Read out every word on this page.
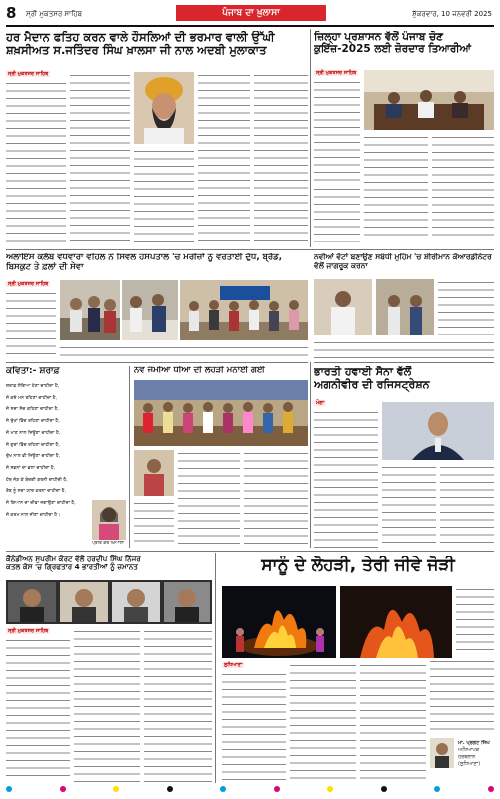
8 ਸ੍ਰੀ ਮੁਕਤਸਰ ਸਾਹਿਬ	ਪੰਜਾਬ ਦਾ ਖ਼ੁਲਾਸਾ	ਸ਼ੁੱਕਰਵਾਰ, 10 ਜਨਵਰੀ 2025
ਹਰ ਮੈਦਾਨ ਫਤਿਹ ਕਰਨ ਵਾਲੇ ਹੌਸਲਿਆਂ ਦੀ ਭਰਮਾਰ ਵਾਲੀ ਉੱਘੀ
ਸ਼ਖ਼ਸੀਅਤ ਸ.ਜਤਿੰਦਰ ਸਿੰਘ ਖ਼ਾਲਸਾ ਜੀ ਨਾਲ ਅਦਬੀ ਮੁਲਾਕਾਤ
ਜ਼ਿਲ੍ਹਾ ਪ੍ਰਸ਼ਾਸਨ ਵੱਲੋਂ ਪੰਜਾਬ ਚੋਣ ਕੁਇੱਜ਼-2025 ਲਈ ਜ਼ੋਰਦਾਰ ਤਿਆਰੀਆਂ
ਸ੍ਰੀ ਮੁਕਤਸਰ ਸਾਹਿਬ	ਸ੍ਰੀ ਮੁਕਤਸਰ ਸਾਹਿਬ
ਅਲਾਇੰਸ ਕਲੱਬ ਵਧਵਾਰਾ ਵਹਿਲ ਨੇ ਸਿਵਲ ਹਸਪਤਾਲ 'ਚ ਮਰੀਜ਼ਾਂ ਨੂੰ ਵਰਤਾਈ ਦੁੱਧ, ਬ੍ਰੈਡ, ਬਿਸਕੁਟ ਤੇ ਫ਼ਲਾਂ ਦੀ ਸੇਵਾ
ਸ੍ਰੀ ਮੁਕਤਸਰ ਸਾਹਿਬ
ਨਵੀਆਂ ਵੋਟਾਂ ਬਣਾਉਣ ਸਬੰਧੀ ਮੁਹਿੰਮ 'ਚ ਸ਼ੀਰੀਮਾਨ ਕੋਆਰਡੀਨੇਟਰ ਵੱਲੋਂ ਜਾਗਰੂਕ ਕਰਨਾ
ਕਵਿਤਾ:- ਸ਼ਰਾਫ਼
ਸ਼ਰਾਫ਼ ਲੱਗਿਆ ਹੋਣਾ ਚਾਹੀਦਾ ਹੈ,
ਜੋ ਕਦੇ ਮਨ ਰਹਿਣਾ ਚਾਹੀਦਾ ਹੈ,
ਜੋ ਸਦਾ ਸੱਚ ਕਹਿਣਾ ਚਾਹੀਦਾ ਹੈ,
ਜੋ ਦੁੱਖਾਂ ਵਿੱਚ ਰਹਿਣਾ ਚਾਹੀਦਾ ਹੈ,
ਜੋ ਮਾਣ ਨਾਲ ਜਿਊਣਾ ਚਾਹੀਦਾ ਹੈ,
ਜੋ ਗੁਰਾਂ ਵਿੱਚ ਰਹਿਣਾ ਚਾਹੀਦਾ ਹੈ,
ਦੁੱਖ ਨਾਲ ਵੀ ਜਿਊਣਾ ਚਾਹੀਦਾ ਹੈ,
ਜੋ ਸਭਨਾਂ ਦਾ ਭਲਾ ਚਾਹੀਦਾ ਹੈ,
ਹੱਥ ਜੋੜ ਕੇ ਬੰਦਗੀ ਕਰਨੀ ਚਾਹੀਦੀ ਹੈ,
ਰੱਬ ਨੂੰ ਸਦਾ ਯਾਦ ਕਰਨਾ ਚਾਹੀਦਾ ਹੈ,
ਜੋ ਗਿਆਨ ਦਾ ਦੀਵਾ ਜਗਾਉਣਾ ਚਾਹੀਦਾ ਹੈ,
ਜੋ ਕਰਮ ਨਾਲ ਜੀਣਾ ਚਾਹੀਦਾ ਹੈ।
ਪ੍ਰੀਤ ਕੌਰ ਖ਼ਿਆਲਾ
ਨਵ ਜੰਮੀਆ ਧੀਆ ਦੀ ਲੋਹੜੀ ਮਨਾਈ ਗਈ	ਭਾਰਤੀ ਹਵਾਈ ਸੈਨਾ ਵੱਲੋਂ
ਅਗਨੀਵੀਰ ਦੀ ਰਜਿਸਟ੍ਰੇਸ਼ਨ
ਮੋਗਾ
ਕੈਨੇਡੀਅਨ ਸੁਪਰੀਮ ਕੋਰਟ ਵੱਲੋਂ ਹਰਦੀਪ ਸਿੰਘ ਨਿੱਜਰ
ਕਤਲ ਕੇਸ 'ਚ ਗ੍ਰਿਫਤਾਰ 4 ਭਾਰਤੀਆਂ ਨੂੰ ਜ਼ਮਾਨਤ
ਸ੍ਰੀ ਮੁਕਤਸਰ ਸਾਹਿਬ
ਸਾਨੂੰ ਦੇ ਲੋਹੜੀ, ਤੇਰੀ ਜੀਵੇ ਜੋੜੀ
ਲੁਧਿਆਣਾ
ਮਾ. ਪ੍ਰਗਟ ਸਿੰਘ
ਅਧਿਆਪਕ
ਹਰਬਲਾਨ (ਲੁਧਿਆਣਾ)
